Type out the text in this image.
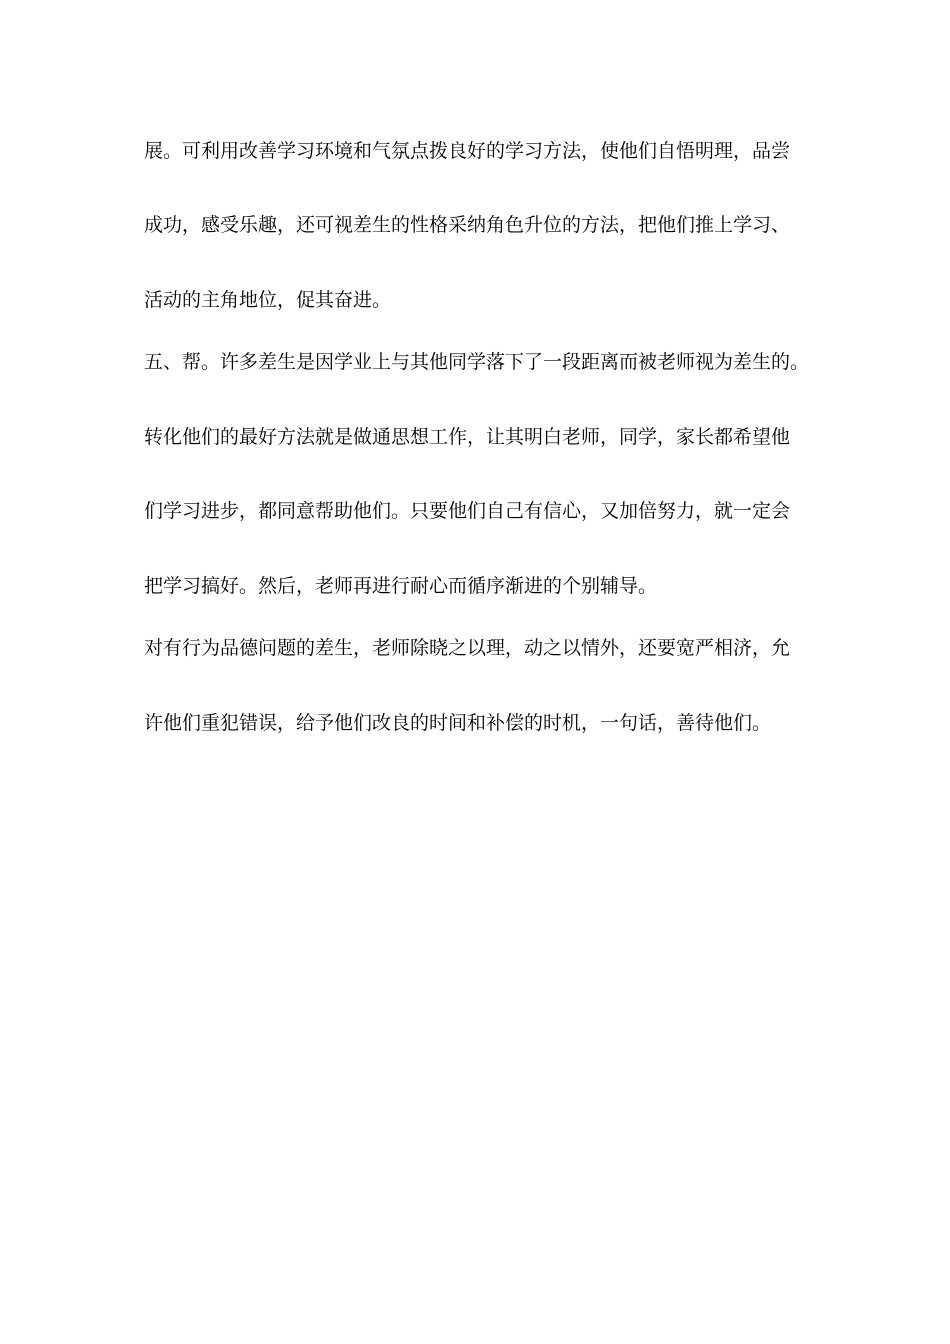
展。可利用改善学习环境和气氛点拨良好的学习方法，使他们自悟明理，品尝
成功，感受乐趣，还可视差生的性格采纳角色升位的方法，把他们推上学习、
活动的主角地位，促其奋进。
五、帮。许多差生是因学业上与其他同学落下了一段距离而被老师视为差生的。
转化他们的最好方法就是做通思想工作，让其明白老师，同学，家长都希望他
们学习进步，都同意帮助他们。只要他们自己有信心，又加倍努力，就一定会
把学习搞好。然后，老师再进行耐心而循序渐进的个别辅导。
对有行为品德问题的差生，老师除晓之以理，动之以情外，还要宽严相济，允
许他们重犯错误，给予他们改良的时间和补偿的时机，一句话，善待他们。
